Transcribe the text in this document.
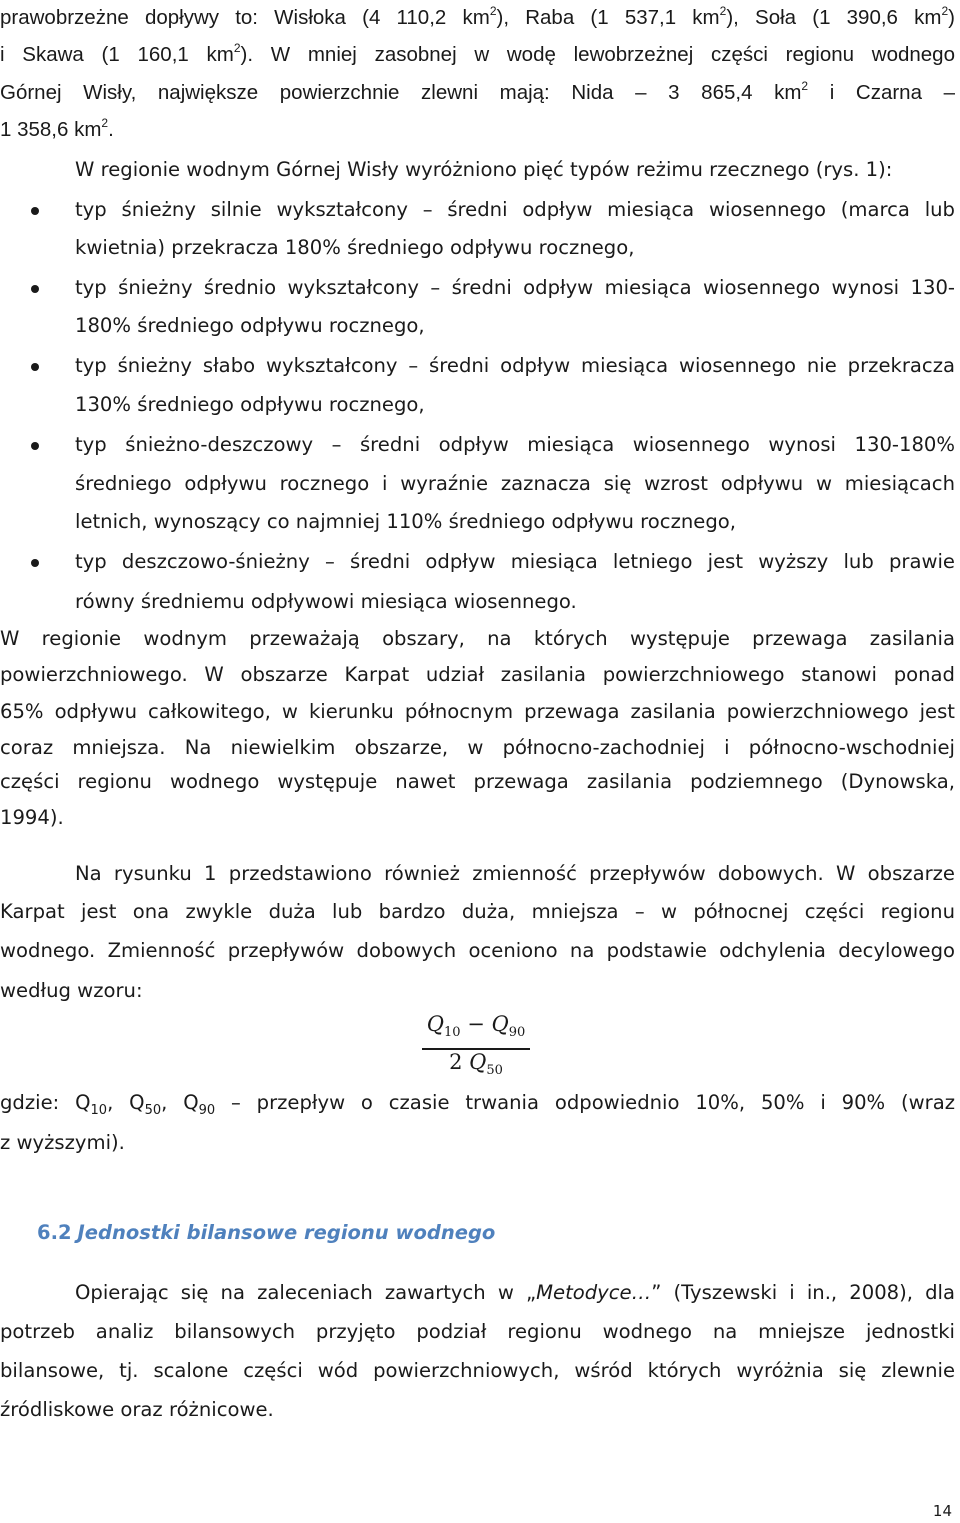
prawobrzeżne dopływy to: Wisłoka (4 110,2 $km^2$), Raba (1 537,1 $km^2$), Soła (1 390,6 $km^2$)
i Skawa (1 160,1 $km^2$). W mniej zasobnej w wodę lewobrzeżnej części regionu wodnego
Górnej Wisły, największe powierzchnie zlewni mają: Nida – 3 865,4 $km^2$ i Czarna –
1 358,6 $km^2$.
W regionie wodnym Górnej Wisły wyróżniono pięć typów reżimu rzecznego (rys. 1):
typ śnieżny silnie wykształcony – średni odpływ miesiąca wiosennego (marca lub
kwietnia) przekracza 180% średniego odpływu rocznego,
typ śnieżny średnio wykształcony – średni odpływ miesiąca wiosennego wynosi 130-
180% średniego odpływu rocznego,
typ śnieżny słabo wykształcony – średni odpływ miesiąca wiosennego nie przekracza
130% średniego odpływu rocznego,
typ śnieżno-deszczowy – średni odpływ miesiąca wiosennego wynosi 130-180%
średniego odpływu rocznego i wyraźnie zaznacza się wzrost odpływu w miesiącach
letnich, wynoszący co najmniej 110% średniego odpływu rocznego,
typ deszczowo-śnieżny – średni odpływ miesiąca letniego jest wyższy lub prawie
równy średniemu odpływowi miesiąca wiosennego.
W regionie wodnym przeważają obszary, na których występuje przewaga zasilania
powierzchniowego. W obszarze Karpat udział zasilania powierzchniowego stanowi ponad
65% odpływu całkowitego, w kierunku północnym przewaga zasilania powierzchniowego jest
coraz mniejsza. Na niewielkim obszarze, w północno-zachodniej i północno-wschodniej
części regionu wodnego występuje nawet przewaga zasilania podziemnego (Dynowska,
1994).
Na rysunku 1 przedstawiono również zmienność przepływów dobowych. W obszarze
Karpat jest ona zwykle duża lub bardzo duża, mniejsza – w północnej części regionu
wodnego. Zmienność przepływów dobowych oceniono na podstawie odchylenia decylowego
według wzoru:
$Q_{10} - Q_{90}$
2 $Q_{50}$
gdzie: $Q_{10}$, $Q_{50}$, $Q_{90}$ – przepływ o czasie trwania odpowiednio 10%, 50% i 90% (wraz
z wyższymi).
6.2 Jednostki bilansowe regionu wodnego
Opierając się na zaleceniach zawartych w „Metodyce…” (Tyszewski i in., 2008), dla
potrzeb analiz bilansowych przyjęto podział regionu wodnego na mniejsze jednostki
bilansowe, tj. scalone części wód powierzchniowych, wśród których wyróżnia się zlewnie
źródliskowe oraz różnicowe.
14
